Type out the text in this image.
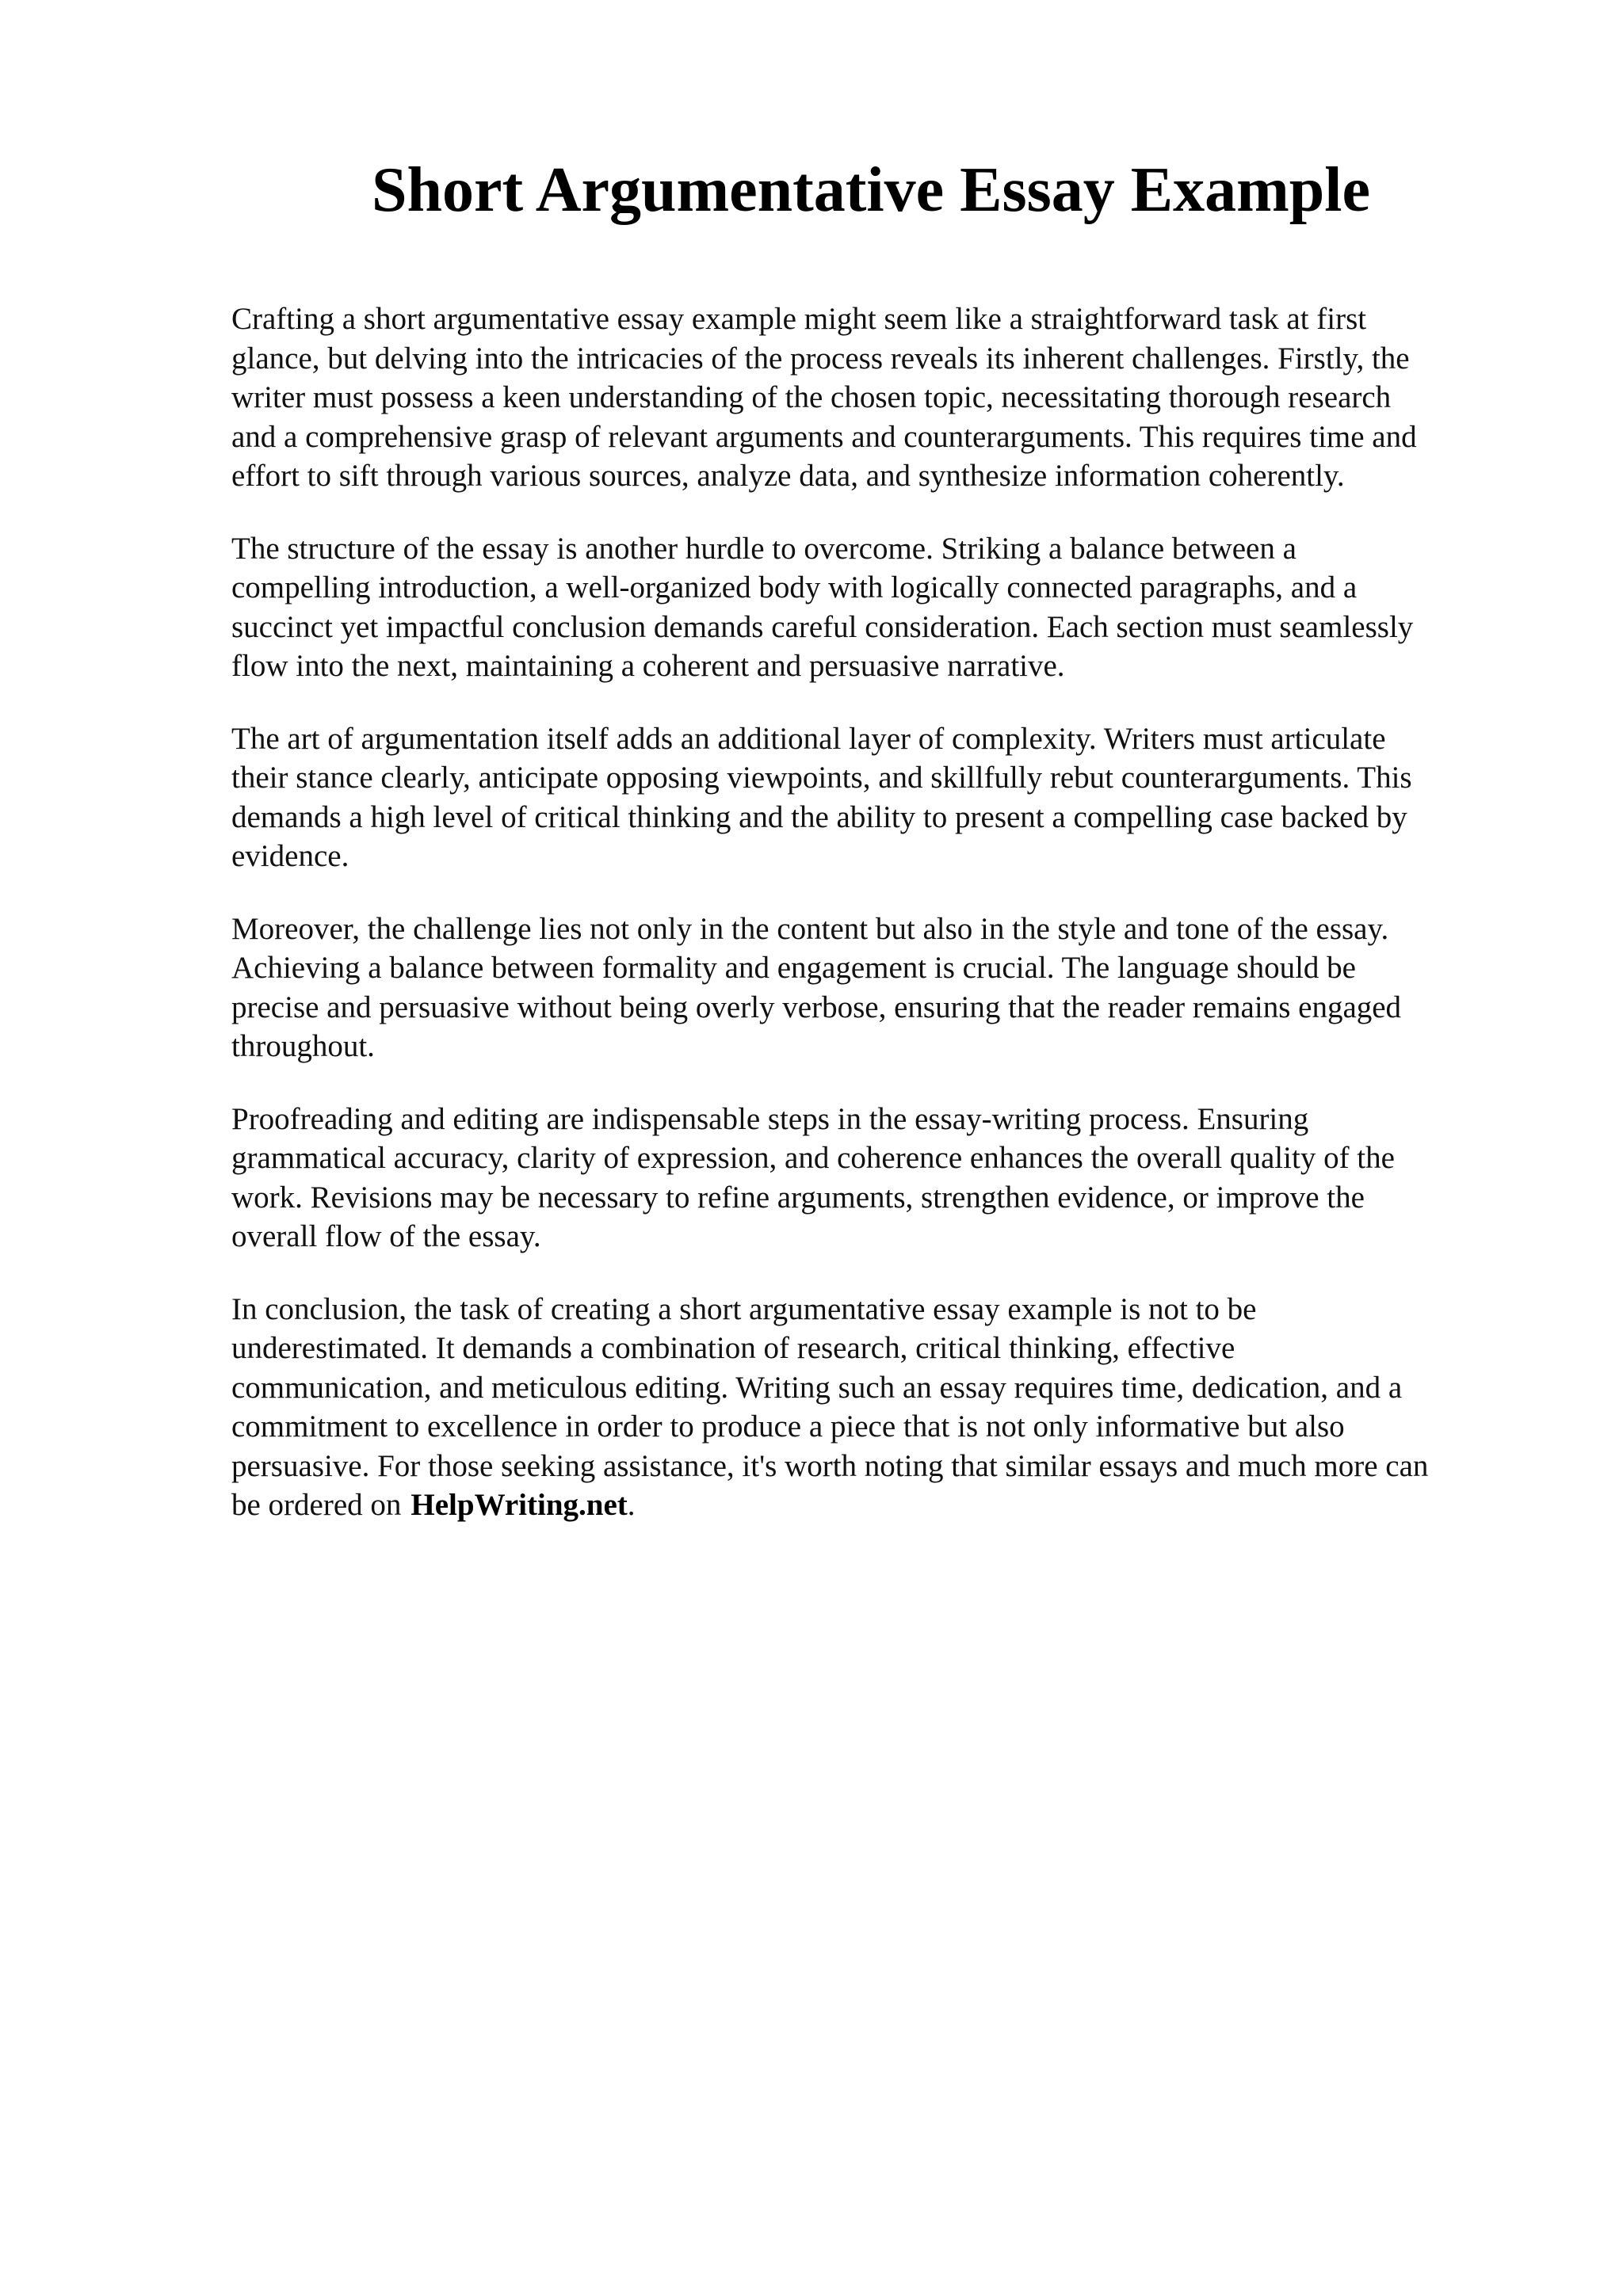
Short Argumentative Essay Example

Crafting a short argumentative essay example might seem like a straightforward task at first
glance, but delving into the intricacies of the process reveals its inherent challenges. Firstly, the
writer must possess a keen understanding of the chosen topic, necessitating thorough research
and a comprehensive grasp of relevant arguments and counterarguments. This requires time and
effort to sift through various sources, analyze data, and synthesize information coherently.

The structure of the essay is another hurdle to overcome. Striking a balance between a
compelling introduction, a well-organized body with logically connected paragraphs, and a
succinct yet impactful conclusion demands careful consideration. Each section must seamlessly
flow into the next, maintaining a coherent and persuasive narrative.

The art of argumentation itself adds an additional layer of complexity. Writers must articulate
their stance clearly, anticipate opposing viewpoints, and skillfully rebut counterarguments. This
demands a high level of critical thinking and the ability to present a compelling case backed by
evidence.

Moreover, the challenge lies not only in the content but also in the style and tone of the essay.
Achieving a balance between formality and engagement is crucial. The language should be
precise and persuasive without being overly verbose, ensuring that the reader remains engaged
throughout.

Proofreading and editing are indispensable steps in the essay-writing process. Ensuring
grammatical accuracy, clarity of expression, and coherence enhances the overall quality of the
work. Revisions may be necessary to refine arguments, strengthen evidence, or improve the
overall flow of the essay.

In conclusion, the task of creating a short argumentative essay example is not to be
underestimated. It demands a combination of research, critical thinking, effective
communication, and meticulous editing. Writing such an essay requires time, dedication, and a
commitment to excellence in order to produce a piece that is not only informative but also
persuasive. For those seeking assistance, it's worth noting that similar essays and much more can
be ordered on HelpWriting.net.
